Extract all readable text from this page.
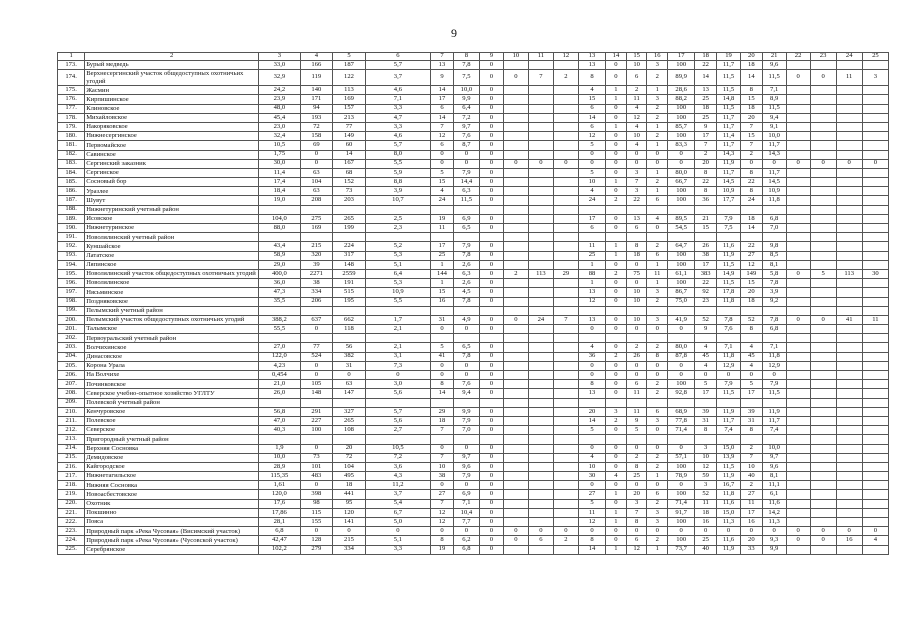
9
1	2	3	4	5	6	7	8	9	10	11	12	13	14	15	16	17	18	19	20	21	22	23	24	25
173.	Бурый медведь	33,0	166	187	5,7	13	7,8	0				13	0	10	3	100	22	11,7	18	9,6				
174.	Верхнесергинский участок общедоступных охотничьих угодий	32,9	119	122	3,7	9	7,5	0	0	7	2	8	0	6	2	89,9	14	11,5	14	11,5	0	0	11	3
175.	Жасмин	24,2	140	113	4,6	14	10,0	0				4	1	2	1	28,6	13	11,5	8	7,1				
176.	Кирпишинское	23,9	171	169	7,1	17	9,9	0				15	1	11	3	88,2	25	14,8	15	8,9				
177.	Клиновское	48,0	94	157	3,3	6	6,4	0				6	0	4	2	100	18	11,5	18	11,5				
178.	Михайловское	45,4	193	213	4,7	14	7,2	0				14	0	12	2	100	25	11,7	20	9,4				
179.	Накоряковское	23,0	72	77	3,3	7	9,7	0				6	1	4	1	85,7	9	11,7	7	9,1				
180.	Нижнесергинское	32,4	158	149	4,6	12	7,6	0				12	0	10	2	100	17	11,4	15	10,0				
181.	Первомайское	10,5	69	60	5,7	6	8,7	0				5	0	4	1	83,3	7	11,7	7	11,7				
182.	Савинское	1,75	0	14	8,0	0	0	0				0	0	0	0	0	2	14,3	2	14,3				
183.	Сергинский заказник	30,0	0	167	5,5	0	0	0	0	0	0	0	0	0	0	0	20	11,9	0	0	0	0	0	0
184.	Сергинское	11,4	63	68	5,9	5	7,9	0				5	0	3	1	80,0	8	11,7	8	11,7				
185.	Сосновый бор	17,4	104	152	8,8	15	14,4	0				10	1	7	2	66,7	22	14,5	22	14,5				
186.	Уразлее	18,4	63	73	3,9	4	6,3	0				4	0	3	1	100	8	10,9	8	10,9				
187.	Шувут	19,0	208	203	10,7	24	11,5	0				24	2	22	6	100	36	17,7	24	11,8				
188.	Нижнетуринский учетный район																							
189.	Исовское	104,0	275	265	2,5	19	6,9	0				17	0	13	4	89,5	21	7,9	18	6,8				
190.	Нижнетуринское	88,0	169	199	2,3	11	6,5	0				6	0	6	0	54,5	15	7,5	14	7,0				
191.	Новолялинский учетный район																							
192.	Куншайское	43,4	215	224	5,2	17	7,9	0				11	1	8	2	64,7	26	11,6	22	9,8				
193.	Лататское	58,9	320	317	5,3	25	7,8	0				25	1	18	6	100	38	11,9	27	8,5				
194.	Ляпинское	29,0	39	148	5,1	1	2,6	0				1	0	0	1	100	17	11,5	12	8,1				
195.	Новолялинский участок общедоступных охотничьих угодий	400,0	2271	2559	6,4	144	6,3	0	2	113	29	88	2	75	11	61,1	383	14,9	149	5,8	0	5	113	30
196.	Новолялинское	36,0	38	191	5,3	1	2,6	0				1	0	0	1	100	22	11,5	15	7,8				
197.	Нясьминское	47,3	334	515	10,9	15	4,5	0				13	0	10	3	86,7	92	17,8	20	3,9				
198.	Поздняковское	35,5	206	195	5,5	16	7,8	0				12	0	10	2	75,0	23	11,8	18	9,2				
199.	Пелымский учетный район																							
200.	Пелымский участок общедоступных охотничьих угодий	388,2	637	662	1,7	31	4,9	0	0	24	7	13	0	10	3	41,9	52	7,8	52	7,8	0	0	41	11
201.	Талымское	55,5	0	118	2,1	0	0	0				0	0	0	0	0	9	7,6	8	6,8				
202.	Первоуральский учетный район																							
203.	Волчихинское	27,0	77	56	2,1	5	6,5	0				4	0	2	2	80,0	4	7,1	4	7,1				
204.	Динасовское	122,0	524	382	3,1	41	7,8	0				36	2	26	8	87,8	45	11,8	45	11,8				
205.	Корона Урала	4,23	0	31	7,3	0	0	0				0	0	0	0	0	4	12,9	4	12,9				
206.	На Волчихе	0,454	0	0	0	0	0	0				0	0	0	0	0	0	0	0	0				
207.	Починковское	21,0	105	63	3,0	8	7,6	0				8	0	6	2	100	5	7,9	5	7,9				
208.	Северское учебно-опытное хозяйство УГЛТУ	26,0	148	147	5,6	14	9,4	0				13	0	11	2	92,8	17	11,5	17	11,5				
209.	Полевской учетный район																							
210.	Кенчуровское	56,8	291	327	5,7	29	9,9	0				20	3	11	6	68,9	39	11,9	39	11,9				
211.	Полевское	47,0	227	265	5,6	18	7,9	0				14	2	9	3	77,8	31	11,7	31	11,7				
212.	Северское	40,3	100	108	2,7	7	7,0	0				5	0	5	0	71,4	8	7,4	8	7,4				
213.	Пригородный учетный район																							
214.	Верхняя Сосновка	1,9	0	20	10,5	0	0	0				0	0	0	0	0	3	15,0	2	10,0				
215.	Демидовское	10,0	73	72	7,2	7	9,7	0				4	0	2	2	57,1	10	13,9	7	9,7				
216.	Кайгородское	28,9	101	104	3,6	10	9,6	0				10	0	8	2	100	12	11,5	10	9,6				
217.	Нижнетагильское	115,35	483	495	4,3	38	7,9	0				30	4	25	1	78,9	59	11,9	40	8,1				
218.	Нижняя Сосновка	1,61	0	18	11,2	0	0	0				0	0	0	0	0	3	16,7	2	11,1				
219.	Новоасбестовское	120,0	398	441	3,7	27	6,9	0				27	1	20	6	100	52	11,8	27	6,1				
220.	Охотник	17,6	98	95	5,4	7	7,1	0				5	0	3	2	71,4	11	11,6	11	11,6				
221.	Покшинно	17,86	115	120	6,7	12	10,4	0				11	1	7	3	91,7	18	15,0	17	14,2				
222.	Пояса	28,1	155	141	5,0	12	7,7	0				12	1	8	3	100	16	11,3	16	11,3				
223.	Природный парк «Река Чусовая» (Висимский участок)	6,8	0	0	0	0	0	0	0	0	0	0	0	0	0	0	0	0	0	0	0	0	0	0
224.	Природный парк «Река Чусовая» (Чусовской участок)	42,47	128	215	5,1	8	6,2	0	0	6	2	8	0	6	2	100	25	11,6	20	9,3	0	0	16	4
225.	Серебрянское	102,2	279	334	3,3	19	6,8	0				14	1	12	1	73,7	40	11,9	33	9,9				
